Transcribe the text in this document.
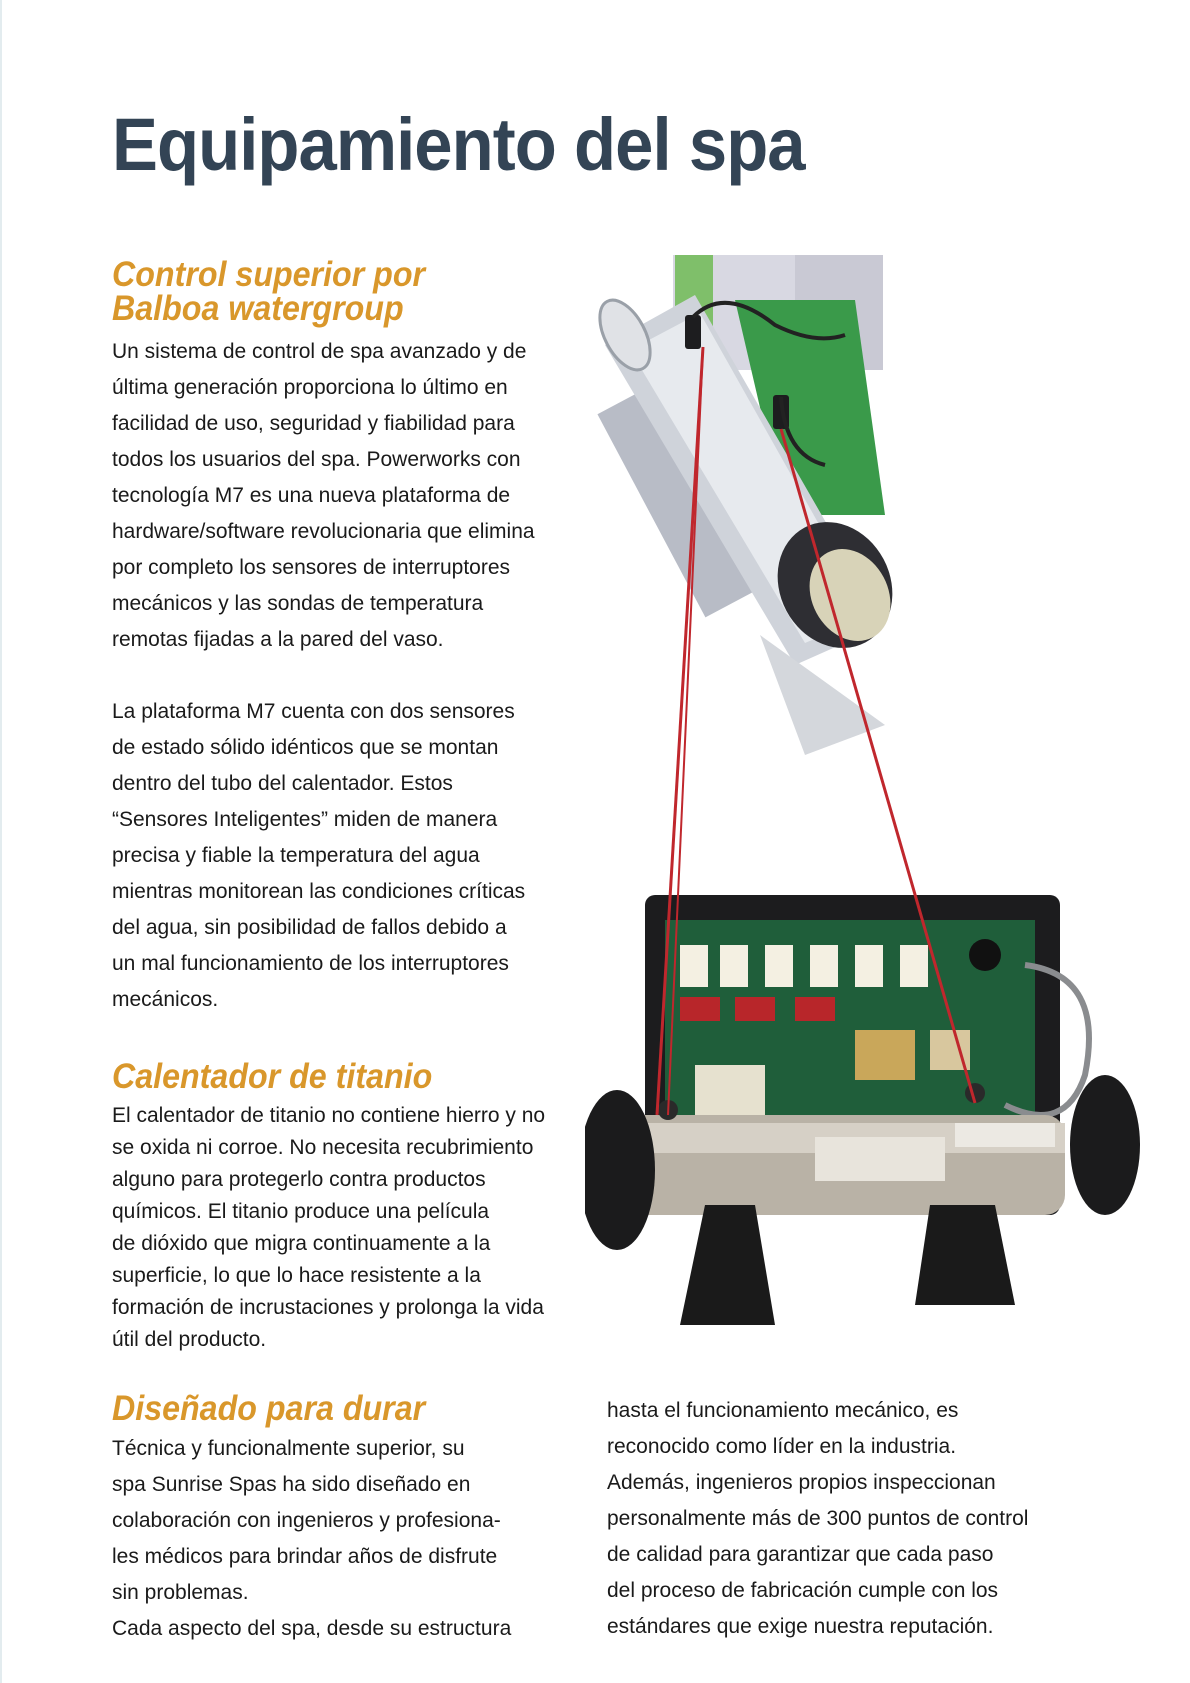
Equipamiento del spa
Control superior por
Balboa watergroup

Un sistema de control de spa avanzado y de
última generación proporciona lo último en
facilidad de uso, seguridad y fiabilidad para
todos los usuarios del spa. Powerworks con
tecnología M7 es una nueva plataforma de
hardware/software revolucionaria que elimina
por completo los sensores de interruptores
mecánicos y las sondas de temperatura
remotas fijadas a la pared del vaso.

La plataforma M7 cuenta con dos sensores
de estado sólido idénticos que se montan
dentro del tubo del calentador. Estos
“Sensores Inteligentes” miden de manera
precisa y fiable la temperatura del agua
mientras monitorean las condiciones críticas
del agua, sin posibilidad de fallos debido a
un mal funcionamiento de los interruptores
mecánicos.

Calentador de titanio

El calentador de titanio no contiene hierro y no
se oxida ni corroe. No necesita recubrimiento
alguno para protegerlo contra productos
químicos. El titanio produce una película
de dióxido que migra continuamente a la
superficie, lo que lo hace resistente a la
formación de incrustaciones y prolonga la vida
útil del producto.

Diseñado para durar

Técnica y funcionalmente superior, su
spa Sunrise Spas ha sido diseñado en
colaboración con ingenieros y profesiona-
les médicos para brindar años de disfrute
sin problemas.
Cada aspecto del spa, desde su estructura

hasta el funcionamiento mecánico, es
reconocido como líder en la industria.
Además, ingenieros propios inspeccionan
personalmente más de 300 puntos de control
de calidad para garantizar que cada paso
del proceso de fabricación cumple con los
estándares que exige nuestra reputación.
